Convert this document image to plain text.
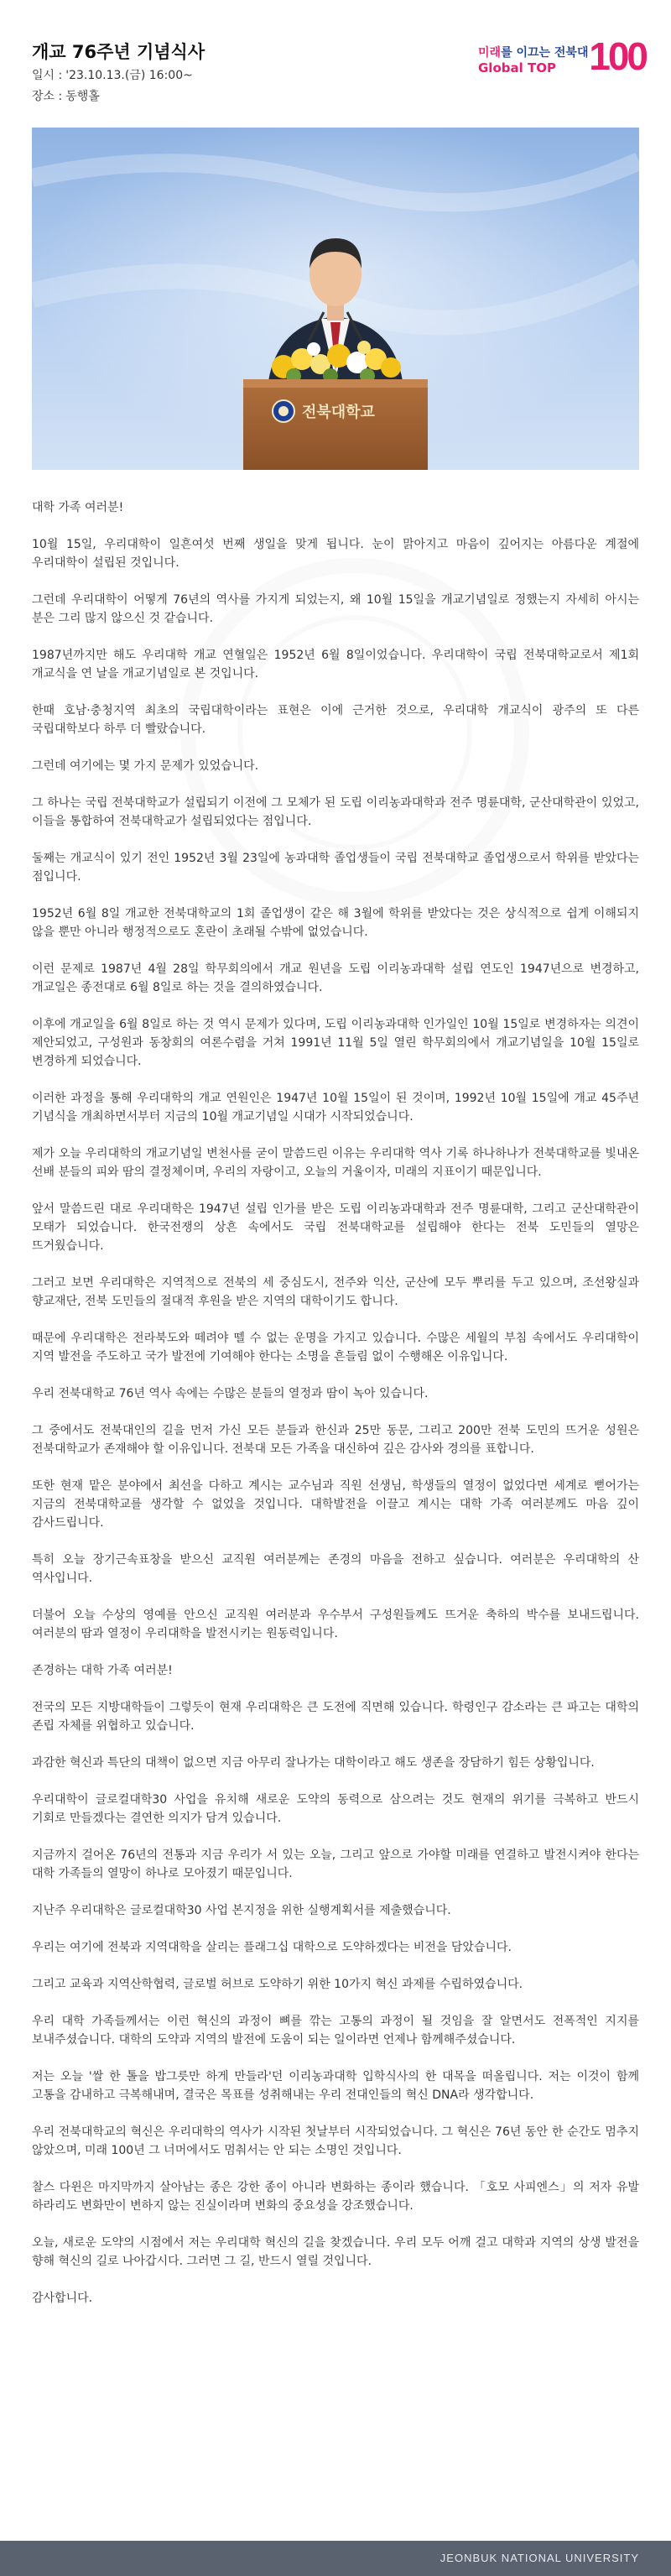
개교 76주년 기념식사
일시 : '23.10.13.(금) 16:00~
장소 : 동행홀
미래를 이끄는 전북대
Global TOP 100
전북대학교

대학 가족 여러분!

10월 15일, 우리대학이 일흔여섯 번째 생일을 맞게 됩니다. 눈이 맑아지고 마음이 깊어지는 아름다운 계절에 우리대학이 설립된 것입니다.

그런데 우리대학이 어떻게 76년의 역사를 가지게 되었는지, 왜 10월 15일을 개교기념일로 정했는지 자세히 아시는 분은 그리 많지 않으신 것 같습니다.

1987년까지만 해도 우리대학 개교 연혈일은 1952년 6월 8일이었습니다. 우리대학이 국립 전북대학교로서 제1회 개교식을 연 날을 개교기념일로 본 것입니다.

한때 호남·충청지역 최초의 국립대학이라는 표현은 이에 근거한 것으로, 우리대학 개교식이 광주의 또 다른 국립대학보다 하루 더 빨랐습니다.

그런데 여기에는 몇 가지 문제가 있었습니다.

그 하나는 국립 전북대학교가 설립되기 이전에 그 모체가 된 도립 이리농과대학과 전주 명륜대학, 군산대학관이 있었고, 이들을 통합하여 전북대학교가 설립되었다는 점입니다.

둘째는 개교식이 있기 전인 1952년 3월 23일에 농과대학 졸업생들이 국립 전북대학교 졸업생으로서 학위를 받았다는 점입니다.

1952년 6월 8일 개교한 전북대학교의 1회 졸업생이 같은 해 3월에 학위를 받았다는 것은 상식적으로 쉽게 이해되지 않을 뿐만 아니라 행정적으로도 혼란이 초래될 수밖에 없었습니다.

이런 문제로 1987년 4월 28일 학무회의에서 개교 원년을 도립 이리농과대학 설립 연도인 1947년으로 변경하고, 개교일은 종전대로 6월 8일로 하는 것을 결의하였습니다.

이후에 개교일을 6월 8일로 하는 것 역시 문제가 있다며, 도립 이리농과대학 인가일인 10월 15일로 변경하자는 의견이 제안되었고, 구성원과 동창회의 여론수렴을 거쳐 1991년 11월 5일 열린 학무회의에서 개교기념일을 10월 15일로 변경하게 되었습니다.

이러한 과정을 통해 우리대학의 개교 연원인은 1947년 10월 15일이 된 것이며, 1992년 10월 15일에 개교 45주년 기념식을 개최하면서부터 지금의 10월 개교기념일 시대가 시작되었습니다.

제가 오늘 우리대학의 개교기념일 변천사를 굳이 말씀드린 이유는 우리대학 역사 기록 하나하나가 전북대학교를 빛내온 선배 분들의 피와 땀의 결정체이며, 우리의 자랑이고, 오늘의 거울이자, 미래의 지표이기 때문입니다.

앞서 말씀드린 대로 우리대학은 1947년 설립 인가를 받은 도립 이리농과대학과 전주 명륜대학, 그리고 군산대학관이 모태가 되었습니다. 한국전쟁의 상흔 속에서도 국립 전북대학교를 설립해야 한다는 전북 도민들의 열망은 뜨거웠습니다.

그러고 보면 우리대학은 지역적으로 전북의 세 중심도시, 전주와 익산, 군산에 모두 뿌리를 두고 있으며, 조선왕실과 향교재단, 전북 도민들의 절대적 후원을 받은 지역의 대학이기도 합니다.

때문에 우리대학은 전라북도와 떼려야 뗄 수 없는 운명을 가지고 있습니다. 수많은 세월의 부침 속에서도 우리대학이 지역 발전을 주도하고 국가 발전에 기여해야 한다는 소명을 흔들림 없이 수행해온 이유입니다.

우리 전북대학교 76년 역사 속에는 수많은 분들의 열정과 땀이 녹아 있습니다.

그 중에서도 전북대인의 길을 먼저 가신 모든 분들과 한신과 25만 동문, 그리고 200만 전북 도민의 뜨거운 성원은 전북대학교가 존재해야 할 이유입니다. 전북대 모든 가족을 대신하여 깊은 감사와 경의를 표합니다.

또한 현재 맡은 분야에서 최선을 다하고 계시는 교수님과 직원 선생님, 학생들의 열정이 없었다면 세계로 뻗어가는 지금의 전북대학교를 생각할 수 없었을 것입니다. 대학발전을 이끌고 계시는 대학 가족 여러분께도 마음 깊이 감사드립니다.

특히 오늘 장기근속표창을 받으신 교직원 여러분께는 존경의 마음을 전하고 싶습니다. 여러분은 우리대학의 산 역사입니다.

더불어 오늘 수상의 영예를 안으신 교직원 여러분과 우수부서 구성원들께도 뜨거운 축하의 박수를 보내드립니다. 여러분의 땀과 열정이 우리대학을 발전시키는 원동력입니다.

존경하는 대학 가족 여러분!

전국의 모든 지방대학들이 그렇듯이 현재 우리대학은 큰 도전에 직면해 있습니다. 학령인구 감소라는 큰 파고는 대학의 존립 자체를 위협하고 있습니다.

과감한 혁신과 특단의 대책이 없으면 지금 아무리 잘나가는 대학이라고 해도 생존을 장담하기 힘든 상황입니다.

우리대학이 글로컬대학30 사업을 유치해 새로운 도약의 동력으로 삼으려는 것도 현재의 위기를 극복하고 반드시 기회로 만들겠다는 결연한 의지가 담겨 있습니다.

지금까지 걸어온 76년의 전통과 지금 우리가 서 있는 오늘, 그리고 앞으로 가야할 미래를 연결하고 발전시켜야 한다는 대학 가족들의 열망이 하나로 모아졌기 때문입니다.

지난주 우리대학은 글로컬대학30 사업 본지정을 위한 실행계획서를 제출했습니다.

우리는 여기에 전북과 지역대학을 살리는 플래그십 대학으로 도약하겠다는 비전을 담았습니다.

그리고 교육과 지역산학협력, 글로벌 허브로 도약하기 위한 10가지 혁신 과제를 수립하였습니다.

우리 대학 가족들께서는 이런 혁신의 과정이 뼈를 깎는 고통의 과정이 될 것임을 잘 알면서도 전폭적인 지지를 보내주셨습니다. 대학의 도약과 지역의 발전에 도움이 되는 일이라면 언제나 함께해주셨습니다.

저는 오늘 '쌀 한 톨을 밥그릇만 하게 만들라'던 이리농과대학 입학식사의 한 대목을 떠올립니다. 저는 이것이 함께 고통을 감내하고 극복해내며, 결국은 목표를 성취해내는 우리 전대인들의 혁신 DNA라 생각합니다.

우리 전북대학교의 혁신은 우리대학의 역사가 시작된 첫날부터 시작되었습니다. 그 혁신은 76년 동안 한 순간도 멈추지 않았으며, 미래 100년 그 너머에서도 멈춰서는 안 되는 소명인 것입니다.

찰스 다윈은 마지막까지 살아남는 종은 강한 종이 아니라 변화하는 종이라 했습니다. 「호모 사피엔스」의 저자 유발 하라리도 변화만이 변하지 않는 진실이라며 변화의 중요성을 강조했습니다.

오늘, 새로운 도약의 시점에서 저는 우리대학 혁신의 길을 찾겠습니다. 우리 모두 어깨 걸고 대학과 지역의 상생 발전을 향해 혁신의 길로 나아갑시다. 그러면 그 길, 반드시 열릴 것입니다.

감사합니다.

JEONBUK NATIONAL UNIVERSITY
